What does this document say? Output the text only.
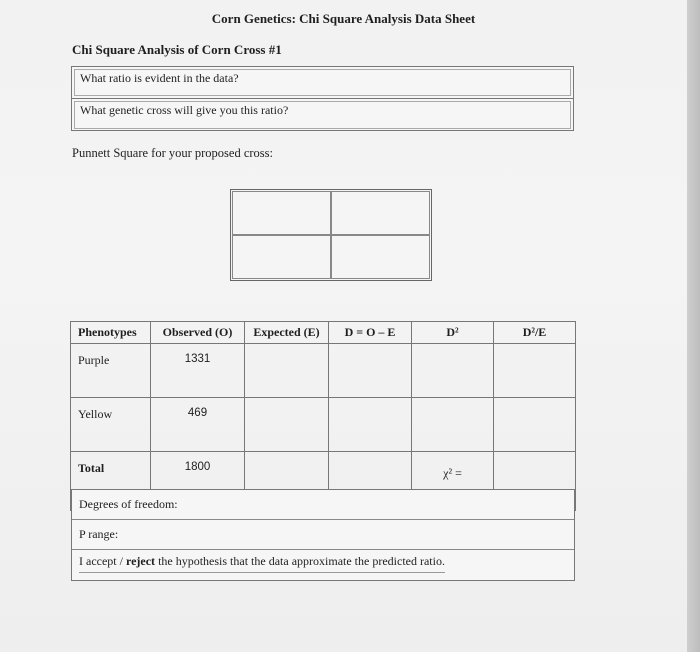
Corn Genetics: Chi Square Analysis Data Sheet
Chi Square Analysis of Corn Cross #1
What ratio is evident in the data?
What genetic cross will give you this ratio?
Punnett Square for your proposed cross:
Phenotypes	Observed (O)	Expected (E)	D = O – E	D²	D²/E
Purple	1331				
Yellow	469				
Total	1800			χ² =	
Degrees of freedom:
P range:
I accept / reject the hypothesis that the data approximate the predicted ratio.
